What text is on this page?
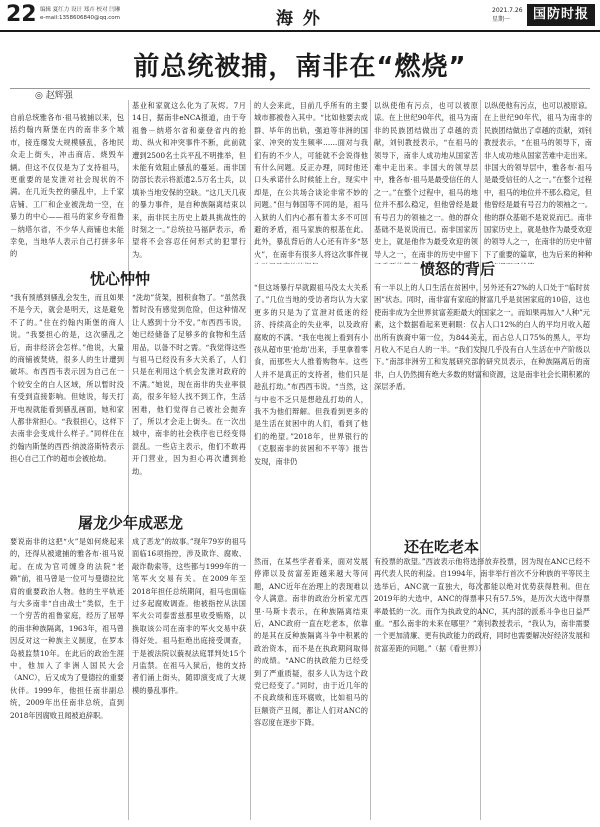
22 编辑 夏红力 设计 郑卉 校对 闫琳
e-mail:1358606840@qq.com	海 外	2021.7.26
星期一	国防时报
前总统被捕，南非在“燃烧”
◎ 赵辉强
自前总统雅各布·祖马被捕以来，包括约翰内斯堡在内的南非多个城市，接连爆发大规模骚乱，各地民众走上街头，冲击商店、烧毁车辆。但这不仅仅是为了支持祖马，更重要的是发泄对社会现状的不满。在几近失控的骚乱中，上千家店铺、工厂和企业被洗劫一空，在暴力的中心——祖马的家乡夸祖鲁－纳塔尔省，不少华人商铺也未能幸免，当地华人表示自己打拼多年的
基业和家就这么化为了灰烬。7月14日，据南非eNCA报道，由于夸祖鲁－纳塔尔省和豪登省内的抢劫、纵火和冲突事件不断，此前就遭到2500名士兵平乱不明推举，但未能有效阻止骚乱的蔓延。南非国防部长表示将派遣2.5万名士兵，以填补当地安保的空缺。“这几天几夜的暴力事件，是自种族隔离结束以来，南非民主历史上最具挑战性的时刻之一。”总统拉马福萨表示，希望将不会容忍任何形式的犯罪行为。
的人会来此，目前几乎所有的主要城市都被卷入其中。“比如他要去成群、毕年的出轨，强迫等非洲的国家、冲突的发生频率……面对与我们有的不少人，可能就不会说得他有什么问题。反正办理，同时他还口头承诺什么时候能上台，现实中却是，在公共场合谈论非常不妙的问题。”但与韩国等不同的是，祖马入狱的人们内心都有着太多不可回避的矛盾，祖马家族的根基在此。此外，暴乱背后的人心还有许多“怒火”，在南非有很多人将这次事件视
以纵使他有污点，也可以被原谅。在上世纪90年代，祖马为南非的民族团结做出了卓越的贡献，刘钊教授表示，“在祖马的领导下，南非人成功地从国家苦难中走出来。非国大的领导层中，雅各布·祖马是最受信任的人之一。”在整个过程中，祖马的地位并不那么稳定，但他曾经是最有号召力的领袖之一。他的群众基础不是说说而已。南非国家历史上，就是他作为最受欢迎的领导人之一，在南非的历史中留下
以纵使他有污点，也可以被原谅。在上世纪90年代，祖马为南非的民族团结做出了卓越的贡献，刘钊教授表示，“在祖马的领导下，南非人成功地从国家苦难中走出来。非国大的领导层中，雅各布·祖马是最受信任的人之一。”在整个过程中，祖马的地位并不那么稳定，但他曾经是最有号召力的领袖之一。他的群众基础不是说说而已。南非国家历史上，就是他作为最受欢迎的领导人之一，在南非的历史中留下了重要的篇章，也为后来的种种
忧心忡忡
愤怒的背后
“我有预感到骚乱会发生，而且如果不是今天，就会是明天，这是避免不了的。”住在约翰内斯堡的商人说。“我要担心的是，这次骚乱之后，南非经济会怎样。”他说，大量的商铺被焚烧，很多人的生计遭到破坏。布西西韦表示因为自己在一个较安全的白人区域，所以暂时没有受到直接影响。但她说，每天打开电视就能看到骚乱画面，她和家人都非常担心。“我很担心，这样下去南非会变成什么样子。”同样住在约翰内斯堡的西西·纳波洛斯特表示担心自己工作的超市会被抢劫。
“洗劫”货架，囤积食物了。“虽然我暂时没有感觉到危险，但这种情况让人感到十分不安。”布西西韦说，她已经储备了足够多的食物和生活用品，以备不时之需。“我觉得这些与祖马已经没有多大关系了，人们只是在利用这个机会发泄对政府的不满。”她说，现在南非的失业率很高，很多年轻人找不到工作，生活困难，他们觉得自己被社会抛弃了，所以才会走上街头。在一次出城中，南非的社会秩序也已经变得混乱。一些店主表示，他们不敢再开门营业，因为担心再次遭到抢劫。
“但这场暴行早就跟祖马没太大关系了。”几位当地的受访者均认为大家更多的只是为了宣泄对低迷的经济、持续高企的失业率，以及政府腐败的不满。“我在电视上看到有小孩从超市里‘抢劫’出来，手里拿着零食，而那些大人推着购物车。这些人并不是真正的支持者，他们只是趁乱打劫。”布西西韦说。“当然，这与中也不乏只是想趁乱打劫的人，我不为他们辩解。但我看到更多的是生活在贫困中的人们，看到了他们的绝望。”2018年，世界银行的《克服南非的贫困和不平等》报告发现，南非仍
有一半以上的人口生活在贫困中，另外还有27%的人口处于“临时贫困”状态。同时，南非富有家庭的财富几乎是贫困家庭的10倍，这也使南非成为全世界贫富差距最大的国家之一。而如果再加入“人种”元素，这个数据看起来更刺眼：仅占人口12%的白人的平均月收入超出所有族裔中第一位，为844美元，而占总人口75%的黑人，平均月收入不足白人的一半。“我们发现几乎没有白人生活在中产阶级以下。”南部非洲劳工和发展研究部的研究员表示，在种族隔离后的南非，白人仍然拥有绝大多数的财富和资源，这是南非社会长期积累的深层矛盾。
屠龙少年成恶龙
还在吃老本
要说南非的这把“火”是如何烧起来的，还得从被逮捕的雅各布·祖马说起。在成为官司缠身的法院“老赖”前，祖马曾是一位可与曼德拉比肩的重要政治人物。他的生平轨迹与大多南非“自由战士”类似，生于一个穷苦的祖鲁家庭，经历了屈辱的南非种族隔离，1963年，祖马曾因反对这一种族主义制度，在罗本岛被监禁10年。在此后的政治生涯中，他加入了非洲人国民大会（ANC），后又成为了曼德拉的重要伙伴。1999年，他担任南非副总统，2009年出任南非总统，直到2018年因腐败丑闻被迫辞职。
成了恶龙”的故事。”现年79岁的祖马面临16项指控，涉及欺诈、腐败、敲诈勒索等，这些都与1999年的一笔军火交易有关。在2009年至2018年担任总统期间，祖马也面临过多起腐败调查。他被指控从法国军火公司泰雷兹那里收受贿赂，以换取该公司在南非的军火交易中获得好处。祖马拒绝出庭接受调查，于是被法院以藐视法庭罪判处15个月监禁。在祖马入狱后，他的支持者们涌上街头，随即演变成了大规模的暴乱事件。
然而，在某些学者看来，面对发展停滞以及贫富差距越来越大等问题，ANC近年在治理上的表现难以令人满意。南非的政治分析家尤西里·马斯卡表示，在种族隔离结束后，ANC政府一直在吃老本，依靠的是其在反种族隔离斗争中积累的政治资本，而不是在执政期间取得的成绩。“ANC的执政能力已经受到了严重质疑，很多人认为这个政党已经变了。”同时，由于近几年的不良政绩和连环腐败，比如祖马的巨额资产丑闻，都让人们对ANC的容忍度在逐步下降。
有投票的欲望。”西波表示他将选择放弃投票，因为现在ANC已经不再代表人民的利益。自1994年，南非举行首次不分种族的平等民主选举后，ANC就一直独大，每次都能以绝对优势获得胜利。但在2019年的大选中，ANC的得票率只有57.5%，是历次大选中得票率最低的一次。而作为执政党的ANC，其内部的派系斗争也日益严重。“那么南非的未来在哪里？”刘钊教授表示，“我认为，南非需要一个更加清廉、更有执政能力的政府，同时也需要解决好经济发展和贫富差距的问题。”（据《看世界》）
